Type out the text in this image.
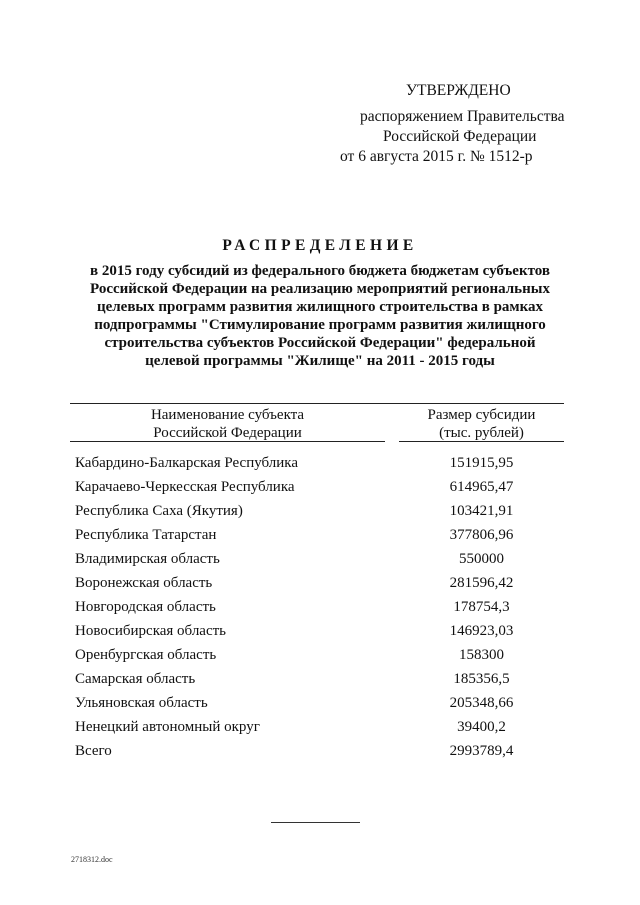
УТВЕРЖДЕНО
распоряжением Правительства
Российской Федерации
от 6 августа 2015 г. № 1512-р
РАСПРЕДЕЛЕНИЕ
в 2015 году субсидий из федерального бюджета бюджетам субъектов
Российской Федерации на реализацию мероприятий региональных
целевых программ развития жилищного строительства в рамках
подпрограммы "Стимулирование программ развития жилищного
строительства субъектов Российской Федерации" федеральной
целевой программы "Жилище" на 2011 - 2015 годы
Наименование субъекта
Российской Федерации
Размер субсидии
(тыс. рублей)
Кабардино-Балкарская Республика	151915,95
Карачаево-Черкесская Республика	614965,47
Республика Саха (Якутия)	103421,91
Республика Татарстан	377806,96
Владимирская область	550000
Воронежская область	281596,42
Новгородская область	178754,3
Новосибирская область	146923,03
Оренбургская область	158300
Самарская область	185356,5
Ульяновская область	205348,66
Ненецкий автономный округ	39400,2
Всего	2993789,4
2718312.doc
